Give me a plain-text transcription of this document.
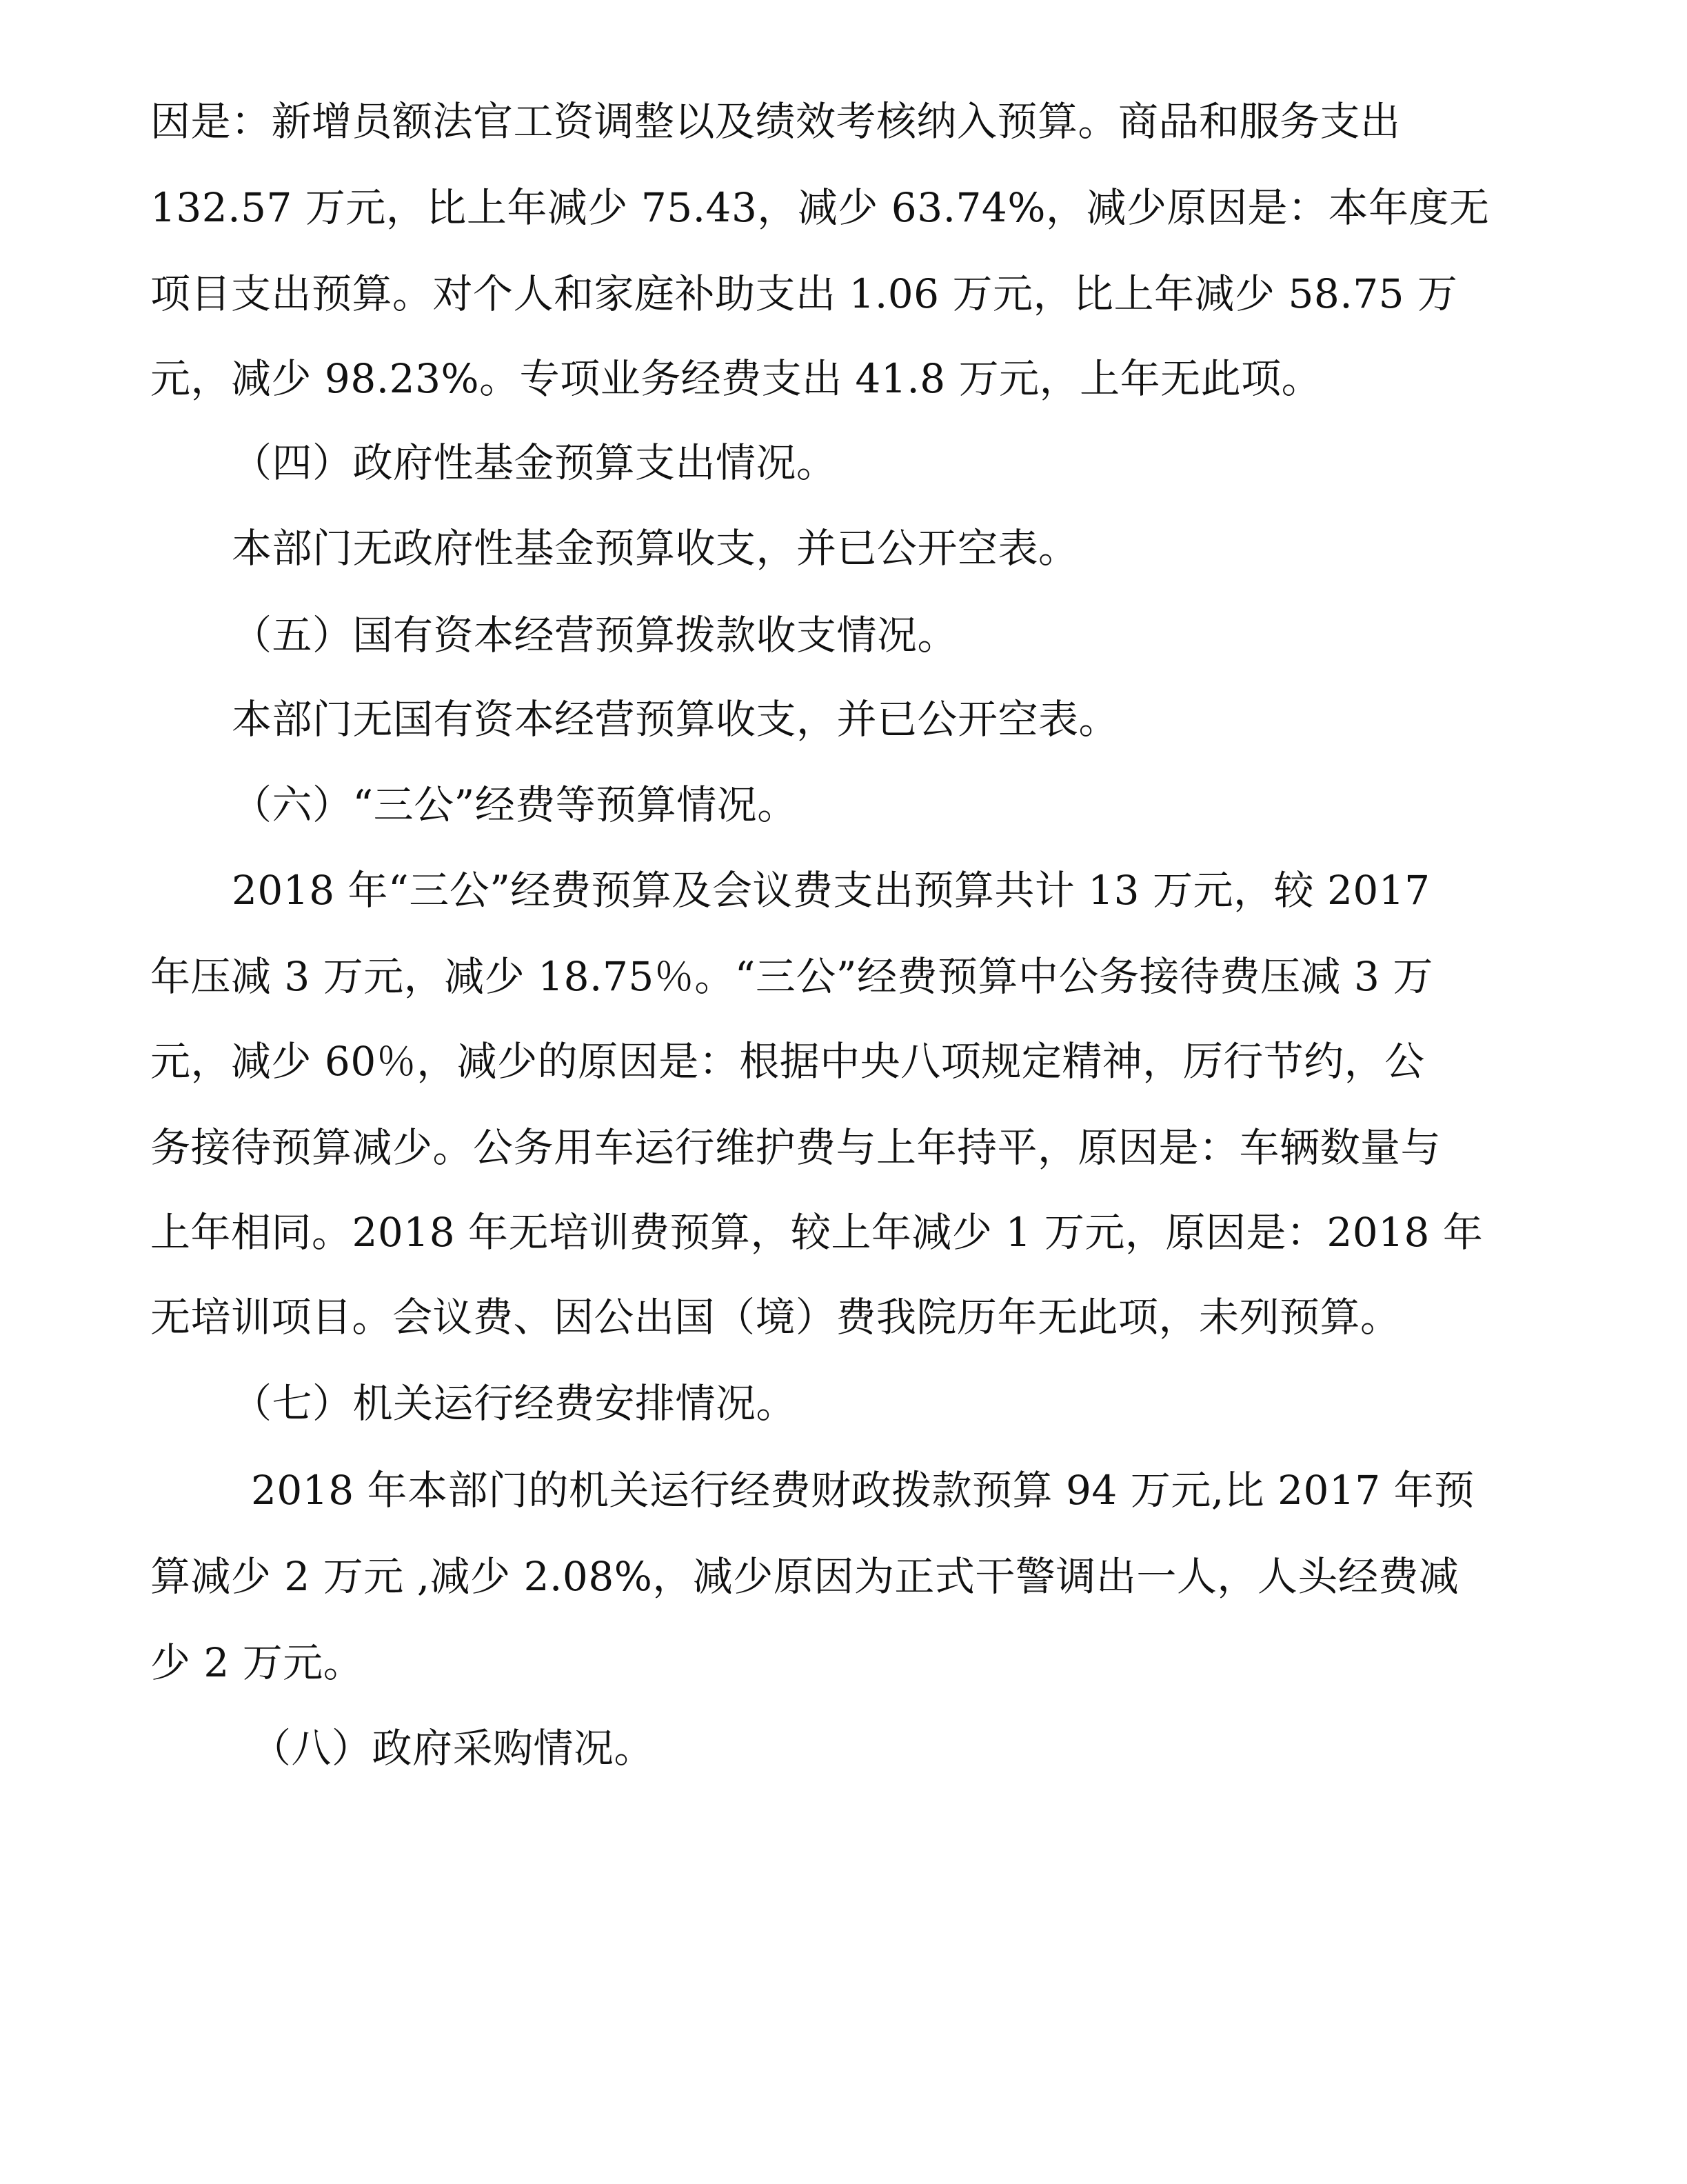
因是：新增员额法官工资调整以及绩效考核纳入预算。商品和服务支出
132.57 万元，比上年减少 75.43，减少 63.74%，减少原因是：本年度无
项目支出预算。对个人和家庭补助支出 1.06 万元，比上年减少 58.75 万
元，减少 98.23%。专项业务经费支出 41.8 万元，上年无此项。
（四）政府性基金预算支出情况。
本部门无政府性基金预算收支，并已公开空表。
（五）国有资本经营预算拨款收支情况。
本部门无国有资本经营预算收支，并已公开空表。
（六）“三公”经费等预算情况。
2018 年“三公”经费预算及会议费支出预算共计 13 万元，较 2017
年压减 3 万元，减少 18.75％。“三公”经费预算中公务接待费压减 3 万
元，减少 60％，减少的原因是：根据中央八项规定精神，厉行节约，公
务接待预算减少。公务用车运行维护费与上年持平，原因是：车辆数量与
上年相同。2018 年无培训费预算，较上年减少 1 万元，原因是：2018 年
无培训项目。会议费、因公出国（境）费我院历年无此项，未列预算。
（七）机关运行经费安排情况。
2018 年本部门的机关运行经费财政拨款预算 94 万元,比 2017 年预
算减少 2 万元 ,减少 2.08%，减少原因为正式干警调出一人，人头经费减
少 2 万元。
（八）政府采购情况。
